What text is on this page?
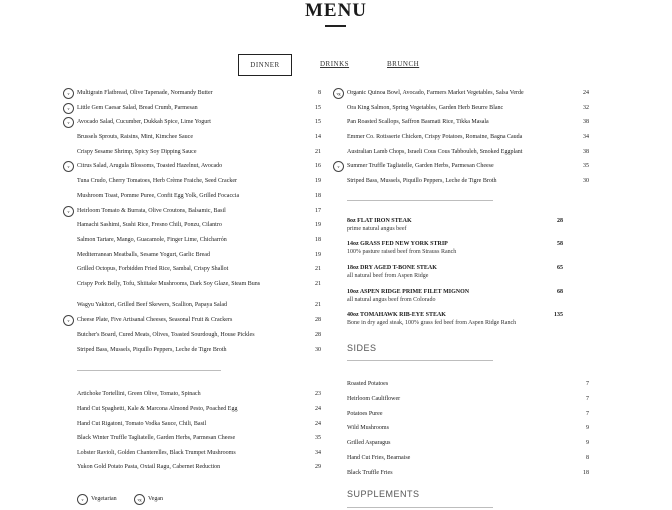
MENU
DINNER	DRINKS	BRUNCH
v	Multigrain Flatbread, Olive Tapenade, Normandy Butter	8
v	Little Gem Caesar Salad, Bread Crumb, Parmesan	15
v	Avocado Salad, Cucumber, Dukkah Spice, Lime Yogurt	15
Brussels Sprouts, Raisins, Mint, Kimchee Sauce	14
Crispy Sesame Shrimp, Spicy Soy Dipping Sauce	21
v	Citrus Salad, Arugula Blossoms, Toasted Hazelnut, Avocado	16
Tuna Crudo, Cherry Tomatoes, Herb Crème Fraiche, Seed Cracker	19
Mushroom Toast, Pomme Puree, Confit Egg Yolk, Grilled Focaccia	18
v	Heirloom Tomato & Burrata, Olive Croutons, Balsamic, Basil	17
Hamachi Sashimi, Sushi Rice, Fresno Chili, Ponzu, Cilantro	19
Salmon Tartare, Mango, Guacamole, Finger Lime, Chicharrón	18
Mediterranean Meatballs, Sesame Yogurt, Garlic Bread	19
Grilled Octopus, Forbidden Fried Rice, Sambal, Crispy Shallot	21
Crispy Pork Belly, Tofu, Shiitake Mushrooms, Dark Soy Glaze, Steam Buns	21
Wagyu Yakitori, Grilled Beef Skewers, Scallion, Papaya Salad	21
v	Cheese Plate, Five Artisanal Cheeses, Seasonal Fruit & Crackers	28
Butcher's Board, Cured Meats, Olives, Toasted Sourdough, House Pickles	28
Striped Bass, Mussels, Piquillo Peppers, Leche de Tigre Broth	30
Artichoke Tortellini, Green Olive, Tomato, Spinach	23
Hand Cut Spaghetti, Kale & Marcona Almond Pesto, Poached Egg	24
Hand Cut Rigatoni, Tomato Vodka Sauce, Chili, Basil	24
Black Winter Truffle Tagliatelle, Garden Herbs, Parmesan Cheese	35
Lobster Ravioli, Golden Chanterelles, Black Trumpet Mushrooms	34
Yukon Gold Potato Pasta, Oxtail Ragu, Cabernet Reduction	29
vg	Organic Quinoa Bowl, Avocado, Farmers Market Vegetables, Salsa Verde	24
Ora King Salmon, Spring Vegetables, Garden Herb Beurre Blanc	32
Pan Roasted Scallops, Saffron Basmati Rice, Tikka Masala	38
Emmer Co. Rotisserie Chicken, Crispy Potatoes, Romaine, Bagna Cauda	34
Australian Lamb Chops, Israeli Cous Cous Tabbouleh, Smoked Eggplant	38
v	Summer Truffle Tagliatelle, Garden Herbs, Parmesan Cheese	35
Striped Bass, Mussels, Piquillo Peppers, Leche de Tigre Broth	30
8oz FLAT IRON STEAK	28
prime natural angus beef
14oz GRASS FED NEW YORK STRIP	58
100% pasture raised beef from Strauss Ranch
18oz DRY AGED T-BONE STEAK	65
all natural beef from Aspen Ridge
10oz ASPEN RIDGE PRIME FILET MIGNON	68
all natural angus beef from Colorado
40oz TOMAHAWK RIB-EYE STEAK	135
Bone in dry aged steak, 100% grass fed beef from Aspen Ridge Ranch
SIDES
Roasted Potatoes	7
Heirloom Cauliflower	7
Potatoes Puree	7
Wild Mushrooms	9
Grilled Asparagus	9
Hand Cut Fries, Bearnaise	8
Black Truffle Fries	18
SUPPLEMENTS
v	Vegetarian	vg	Vegan
